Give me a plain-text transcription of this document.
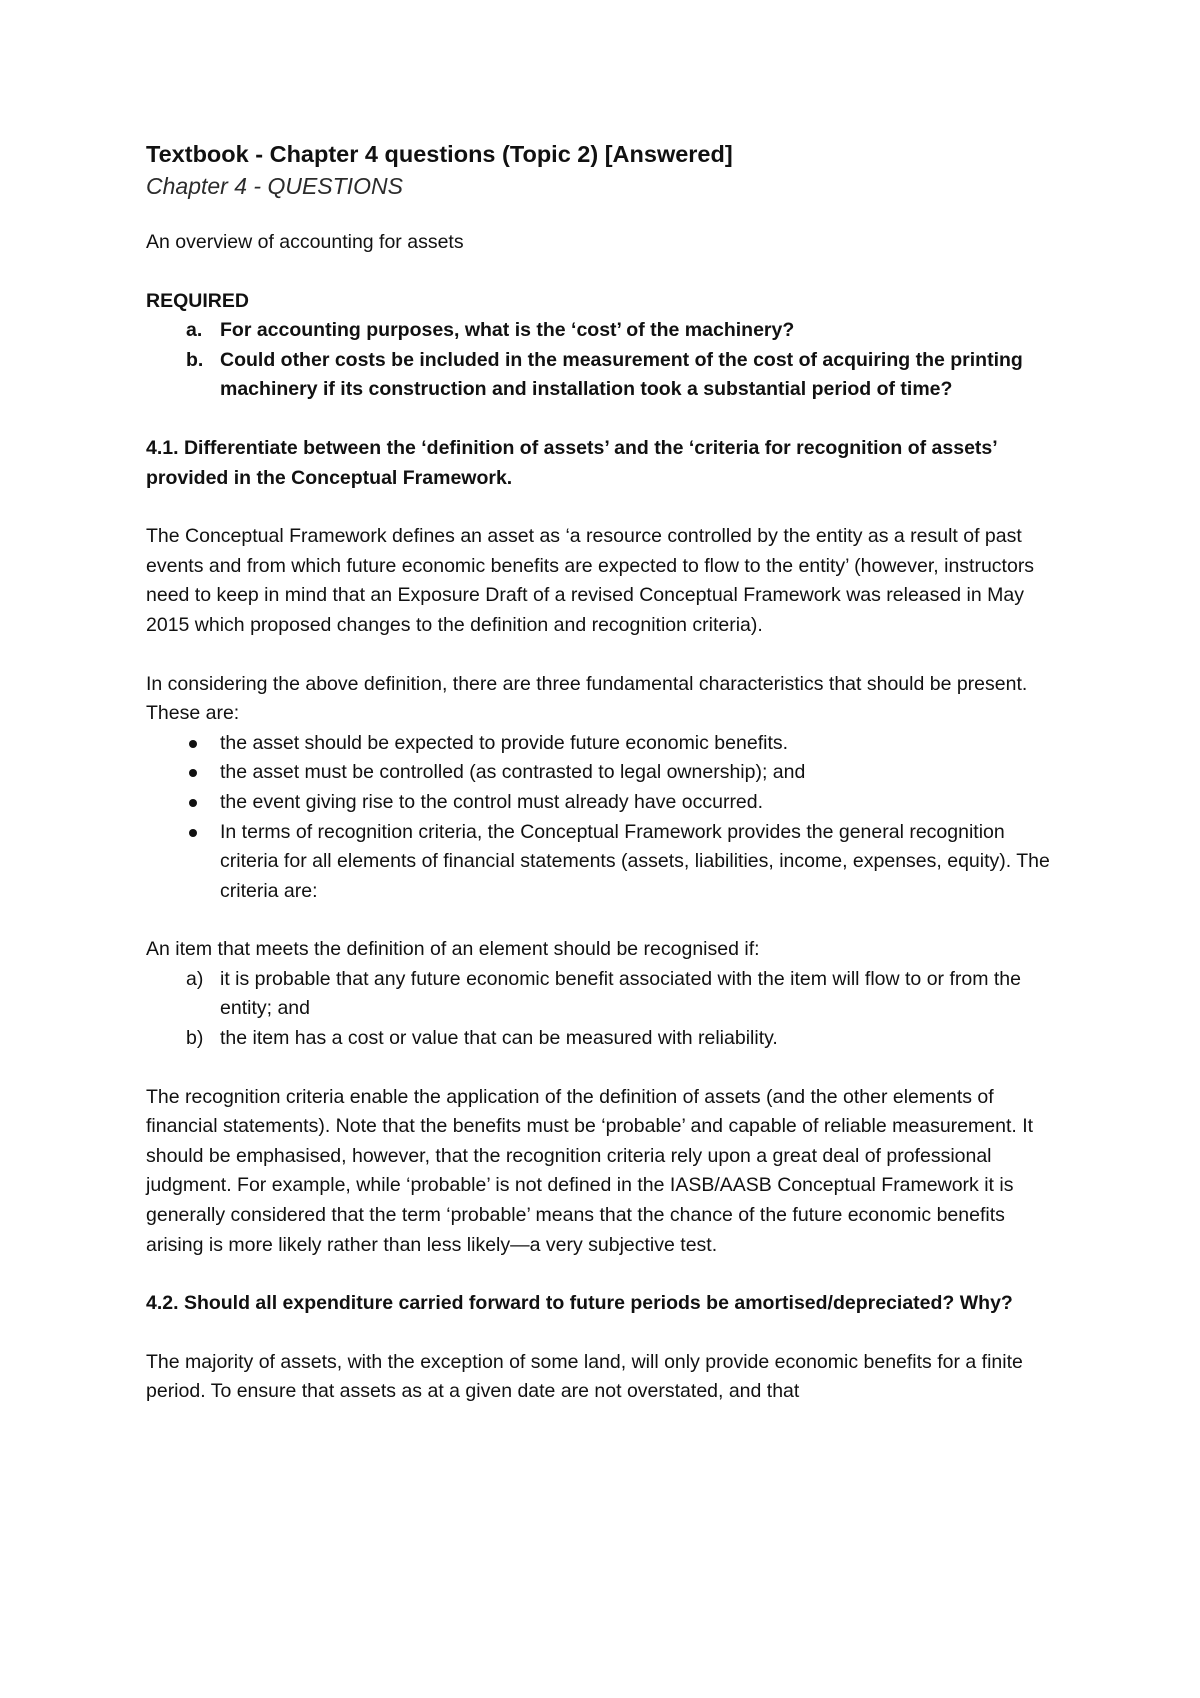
Textbook - Chapter 4 questions (Topic 2) [Answered]

Chapter 4 - QUESTIONS

An overview of accounting for assets

REQUIRED

a. For accounting purposes, what is the ‘cost’ of the machinery?
b. Could other costs be included in the measurement of the cost of acquiring the printing machinery if its construction and installation took a substantial period of time?

4.1. Differentiate between the ‘definition of assets’ and the ‘criteria for recognition of assets’ provided in the Conceptual Framework.

The Conceptual Framework defines an asset as ‘a resource controlled by the entity as a result of past events and from which future economic benefits are expected to flow to the entity’ (however, instructors need to keep in mind that an Exposure Draft of a revised Conceptual Framework was released in May 2015 which proposed changes to the definition and recognition criteria).

In considering the above definition, there are three fundamental characteristics that should be present. These are:

the asset should be expected to provide future economic benefits.
the asset must be controlled (as contrasted to legal ownership); and
the event giving rise to the control must already have occurred.
In terms of recognition criteria, the Conceptual Framework provides the general recognition criteria for all elements of financial statements (assets, liabilities, income, expenses, equity). The criteria are:

An item that meets the definition of an element should be recognised if:

a) it is probable that any future economic benefit associated with the item will flow to or from the entity; and
b) the item has a cost or value that can be measured with reliability.

The recognition criteria enable the application of the definition of assets (and the other elements of financial statements). Note that the benefits must be ‘probable’ and capable of reliable measurement. It should be emphasised, however, that the recognition criteria rely upon a great deal of professional judgment. For example, while ‘probable’ is not defined in the IASB/AASB Conceptual Framework it is generally considered that the term ‘probable’ means that the chance of the future economic benefits arising is more likely rather than less likely—a very subjective test.

4.2. Should all expenditure carried forward to future periods be amortised/depreciated? Why?

The majority of assets, with the exception of some land, will only provide economic benefits for a finite period. To ensure that assets as at a given date are not overstated, and that
